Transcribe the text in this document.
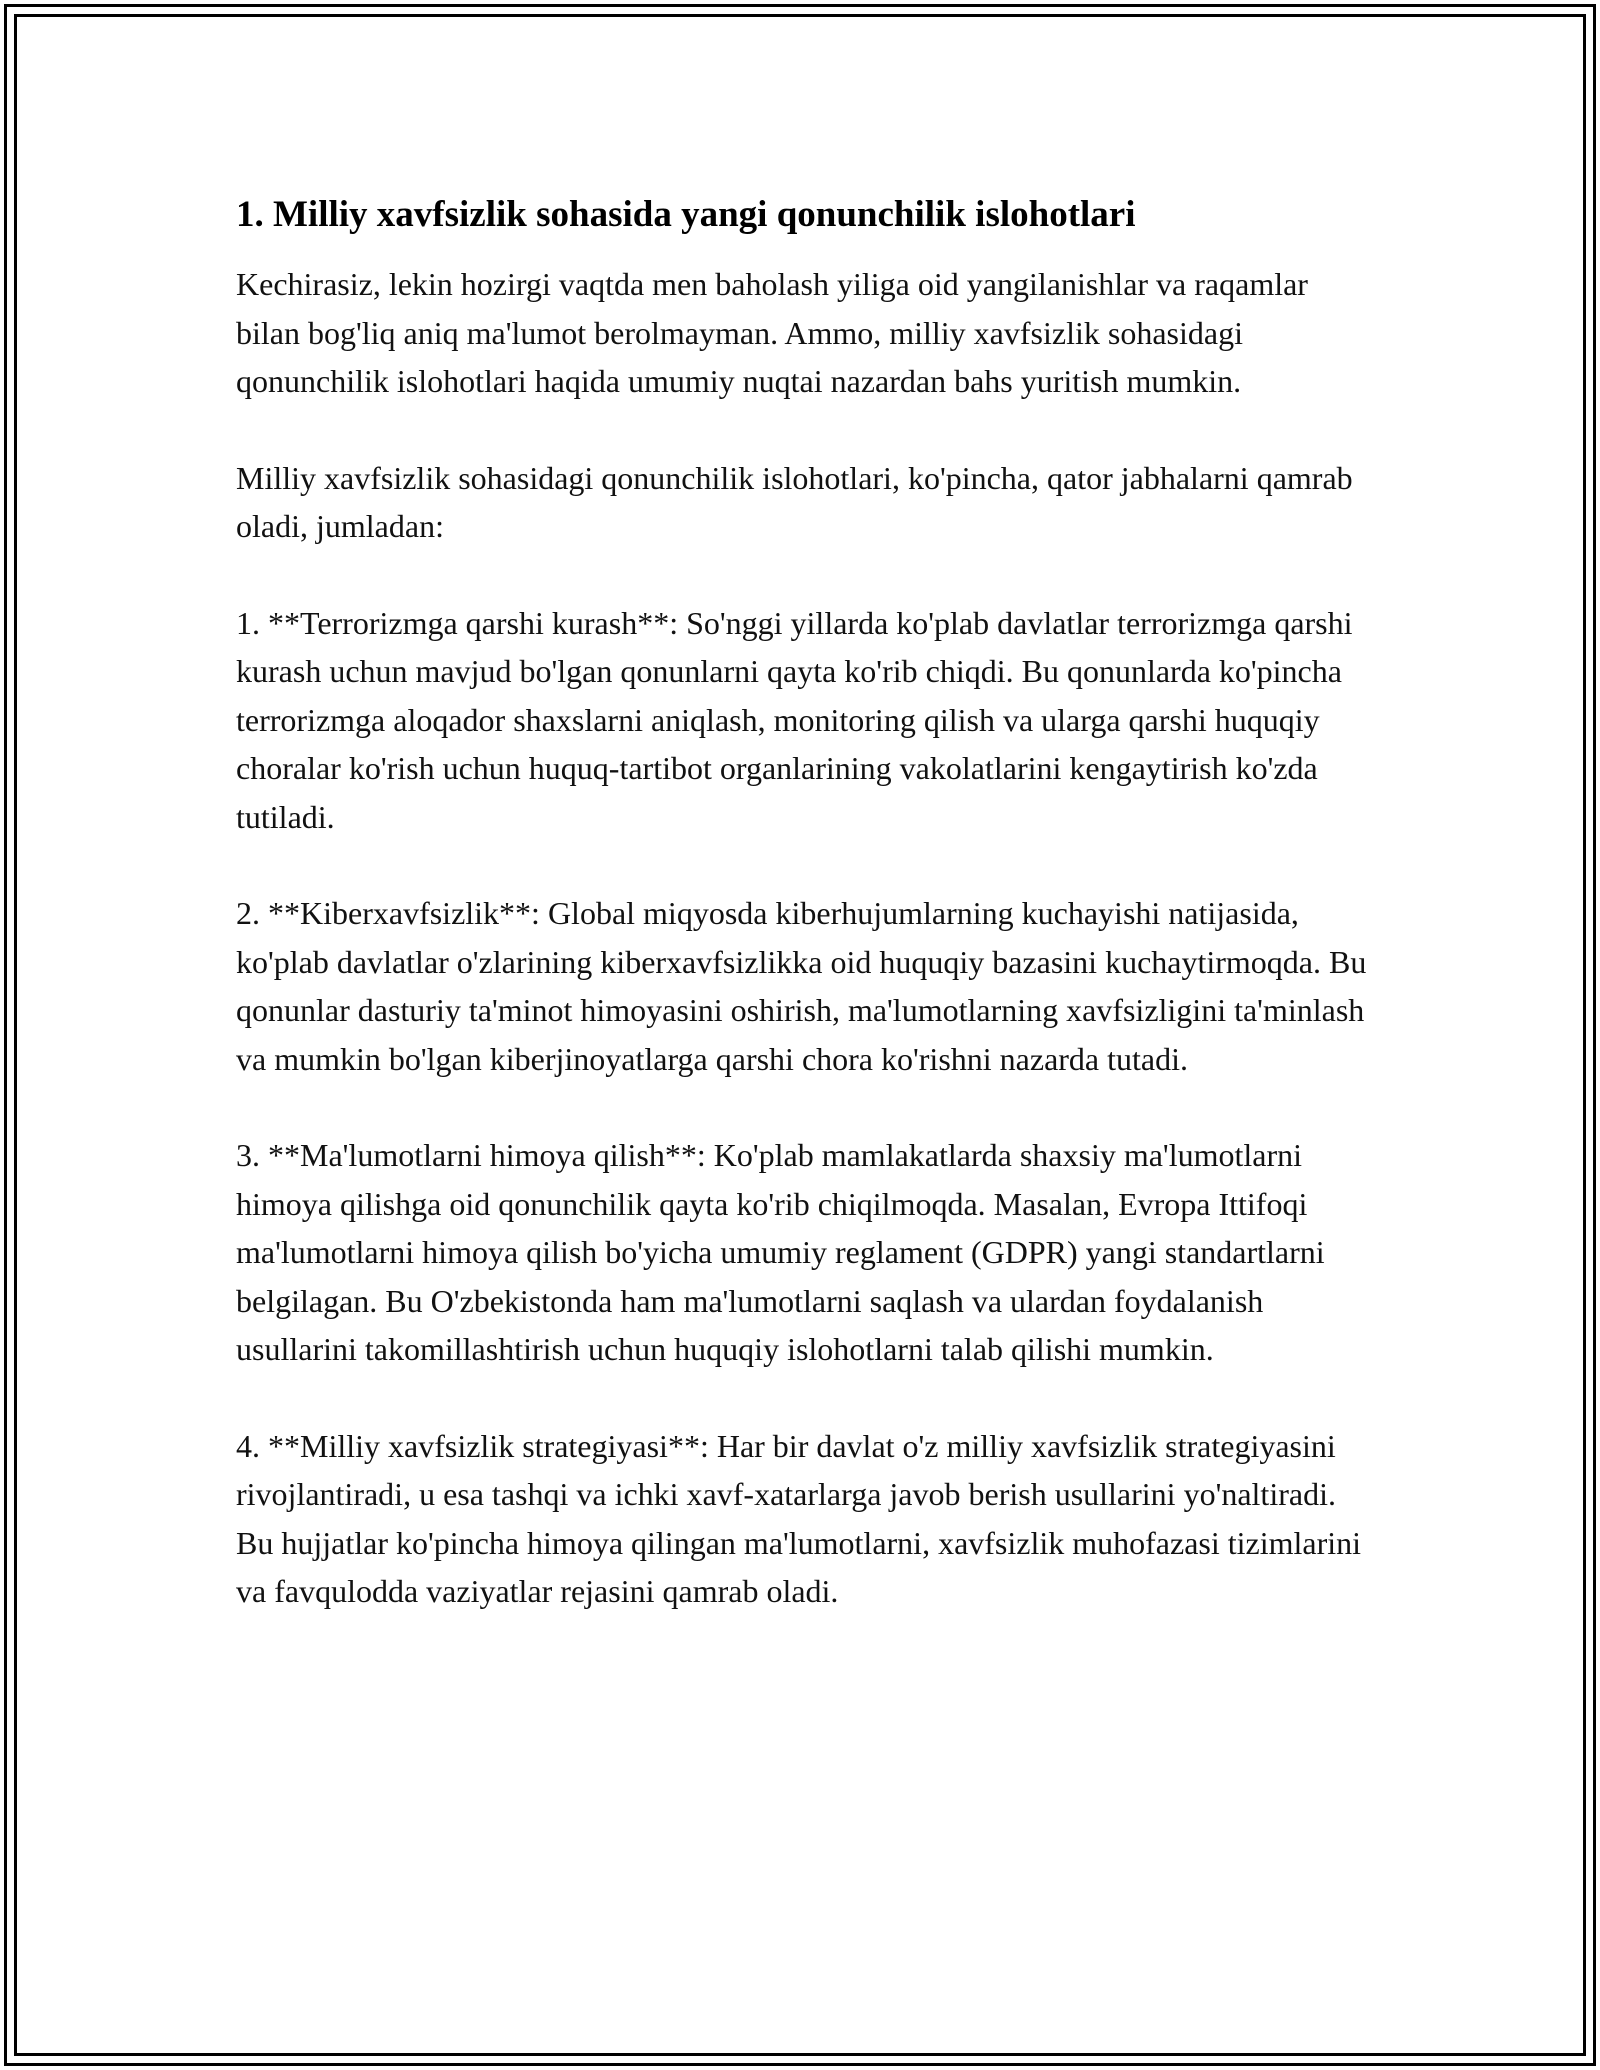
1. Milliy xavfsizlik sohasida yangi qonunchilik islohotlari

Kechirasiz, lekin hozirgi vaqtda men baholash yiliga oid yangilanishlar va raqamlar bilan bog'liq aniq ma'lumot berolmayman. Ammo, milliy xavfsizlik sohasidagi qonunchilik islohotlari haqida umumiy nuqtai nazardan bahs yuritish mumkin.

Milliy xavfsizlik sohasidagi qonunchilik islohotlari, ko'pincha, qator jabhalarni qamrab oladi, jumladan:

1. **Terrorizmga qarshi kurash**: So'nggi yillarda ko'plab davlatlar terrorizmga qarshi kurash uchun mavjud bo'lgan qonunlarni qayta ko'rib chiqdi. Bu qonunlarda ko'pincha terrorizmga aloqador shaxslarni aniqlash, monitoring qilish va ularga qarshi huquqiy choralar ko'rish uchun huquq-tartibot organlarining vakolatlarini kengaytirish ko'zda tutiladi.

2. **Kiberxavfsizlik**: Global miqyosda kiberhujumlarning kuchayishi natijasida, ko'plab davlatlar o'zlarining kiberxavfsizlikka oid huquqiy bazasini kuchaytirmoqda. Bu qonunlar dasturiy ta'minot himoyasini oshirish, ma'lumotlarning xavfsizligini ta'minlash va mumkin bo'lgan kiberjinoyatlarga qarshi chora ko'rishni nazarda tutadi.

3. **Ma'lumotlarni himoya qilish**: Ko'plab mamlakatlarda shaxsiy ma'lumotlarni himoya qilishga oid qonunchilik qayta ko'rib chiqilmoqda. Masalan, Evropa Ittifoqi ma'lumotlarni himoya qilish bo'yicha umumiy reglament (GDPR) yangi standartlarni belgilagan. Bu O'zbekistonda ham ma'lumotlarni saqlash va ulardan foydalanish usullarini takomillashtirish uchun huquqiy islohotlarni talab qilishi mumkin.

4. **Milliy xavfsizlik strategiyasi**: Har bir davlat o'z milliy xavfsizlik strategiyasini rivojlantiradi, u esa tashqi va ichki xavf-xatarlarga javob berish usullarini yo'naltiradi. Bu hujjatlar ko'pincha himoya qilingan ma'lumotlarni, xavfsizlik muhofazasi tizimlarini va favqulodda vaziyatlar rejasini qamrab oladi.
